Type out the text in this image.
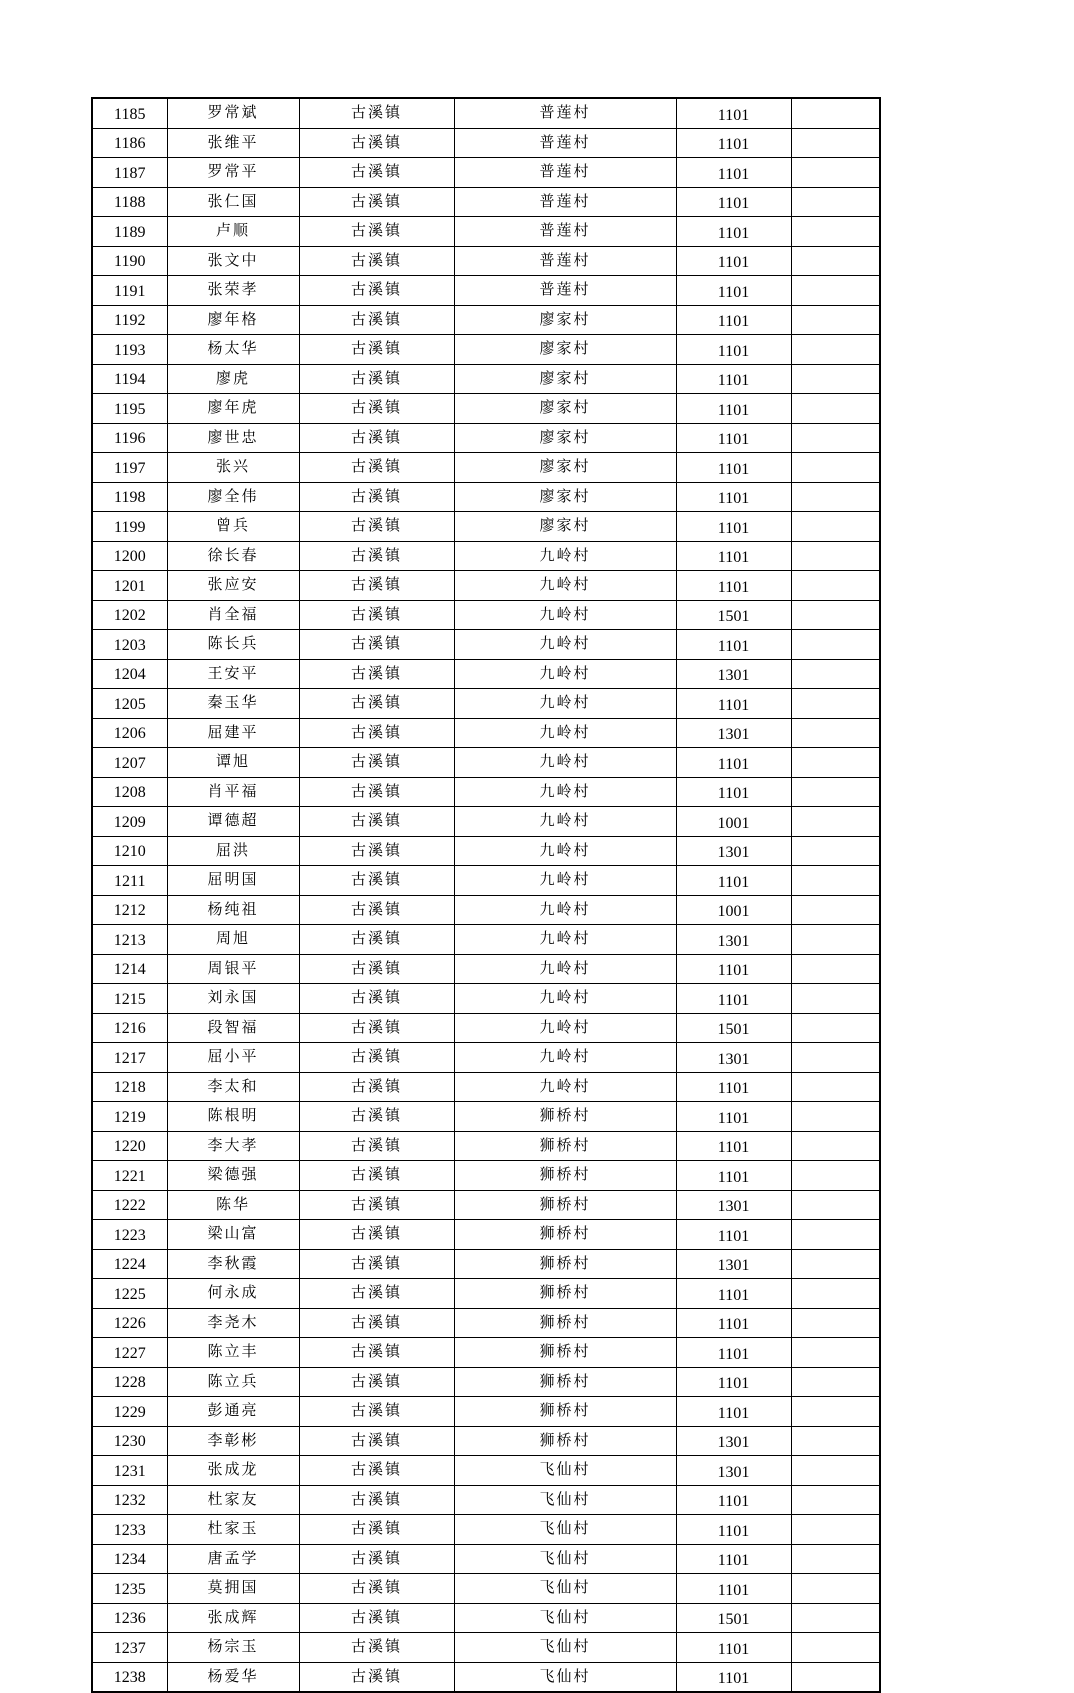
1185	罗常斌	古溪镇	普莲村	1101	
1186	张维平	古溪镇	普莲村	1101	
1187	罗常平	古溪镇	普莲村	1101	
1188	张仁国	古溪镇	普莲村	1101	
1189	卢顺	古溪镇	普莲村	1101	
1190	张文中	古溪镇	普莲村	1101	
1191	张荣孝	古溪镇	普莲村	1101	
1192	廖年格	古溪镇	廖家村	1101	
1193	杨太华	古溪镇	廖家村	1101	
1194	廖虎	古溪镇	廖家村	1101	
1195	廖年虎	古溪镇	廖家村	1101	
1196	廖世忠	古溪镇	廖家村	1101	
1197	张兴	古溪镇	廖家村	1101	
1198	廖全伟	古溪镇	廖家村	1101	
1199	曾兵	古溪镇	廖家村	1101	
1200	徐长春	古溪镇	九岭村	1101	
1201	张应安	古溪镇	九岭村	1101	
1202	肖全福	古溪镇	九岭村	1501	
1203	陈长兵	古溪镇	九岭村	1101	
1204	王安平	古溪镇	九岭村	1301	
1205	秦玉华	古溪镇	九岭村	1101	
1206	屈建平	古溪镇	九岭村	1301	
1207	谭旭	古溪镇	九岭村	1101	
1208	肖平福	古溪镇	九岭村	1101	
1209	谭德超	古溪镇	九岭村	1001	
1210	屈洪	古溪镇	九岭村	1301	
1211	屈明国	古溪镇	九岭村	1101	
1212	杨纯祖	古溪镇	九岭村	1001	
1213	周旭	古溪镇	九岭村	1301	
1214	周银平	古溪镇	九岭村	1101	
1215	刘永国	古溪镇	九岭村	1101	
1216	段智福	古溪镇	九岭村	1501	
1217	屈小平	古溪镇	九岭村	1301	
1218	李太和	古溪镇	九岭村	1101	
1219	陈根明	古溪镇	狮桥村	1101	
1220	李大孝	古溪镇	狮桥村	1101	
1221	梁德强	古溪镇	狮桥村	1101	
1222	陈华	古溪镇	狮桥村	1301	
1223	梁山富	古溪镇	狮桥村	1101	
1224	李秋霞	古溪镇	狮桥村	1301	
1225	何永成	古溪镇	狮桥村	1101	
1226	李尧木	古溪镇	狮桥村	1101	
1227	陈立丰	古溪镇	狮桥村	1101	
1228	陈立兵	古溪镇	狮桥村	1101	
1229	彭通亮	古溪镇	狮桥村	1101	
1230	李彰彬	古溪镇	狮桥村	1301	
1231	张成龙	古溪镇	飞仙村	1301	
1232	杜家友	古溪镇	飞仙村	1101	
1233	杜家玉	古溪镇	飞仙村	1101	
1234	唐孟学	古溪镇	飞仙村	1101	
1235	莫拥国	古溪镇	飞仙村	1101	
1236	张成辉	古溪镇	飞仙村	1501	
1237	杨宗玉	古溪镇	飞仙村	1101	
1238	杨爱华	古溪镇	飞仙村	1101	
